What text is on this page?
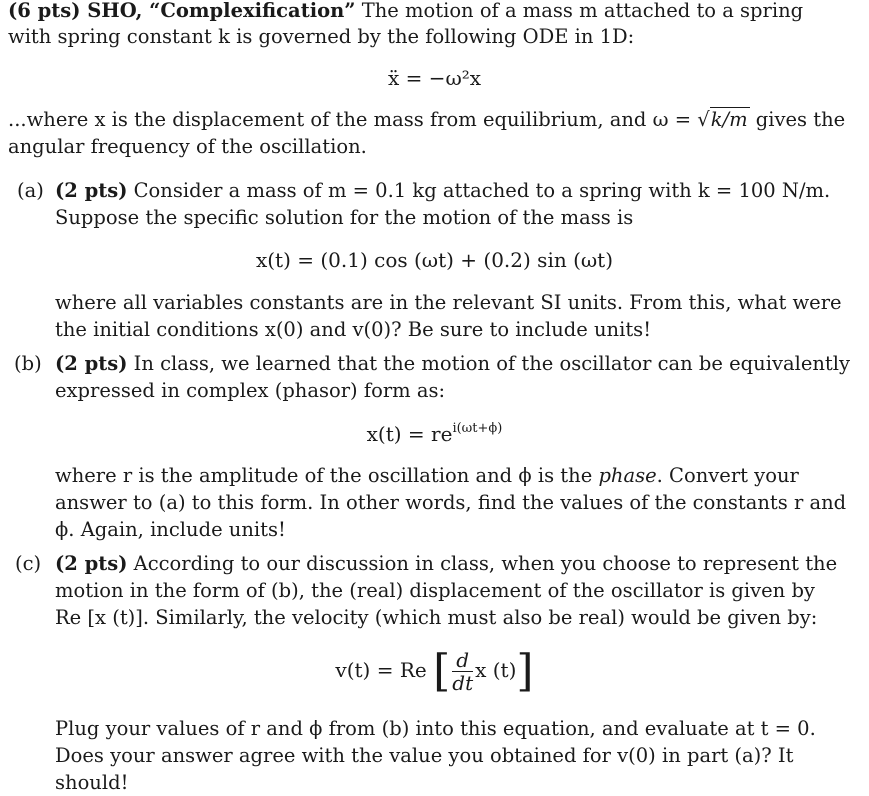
(6 pts) SHO, “Complexification” The motion of a mass m attached to a spring
with spring constant k is governed by the following ODE in 1D:
ẍ = −ω²x
...where x is the displacement of the mass from equilibrium, and ω = √k/m gives the
angular frequency of the oscillation.
(a) (2 pts) Consider a mass of m = 0.1 kg attached to a spring with k = 100 N/m.
Suppose the specific solution for the motion of the mass is
x(t) = (0.1) cos (ωt) + (0.2) sin (ωt)
where all variables constants are in the relevant SI units. From this, what were
the initial conditions x(0) and v(0)? Be sure to include units!
(b) (2 pts) In class, we learned that the motion of the oscillator can be equivalently
expressed in complex (phasor) form as:
$x(t) = re^{i(\omega t+\phi)}$
where r is the amplitude of the oscillation and ϕ is the phase. Convert your
answer to (a) to this form. In other words, find the values of the constants r and
ϕ. Again, include units!
(c) (2 pts) According to our discussion in class, when you choose to represent the
motion in the form of (b), the (real) displacement of the oscillator is given by
Re [x (t)]. Similarly, the velocity (which must also be real) would be given by:
v(t) = Re [ $\frac{d}{dt}$ x (t)]
Plug your values of r and ϕ from (b) into this equation, and evaluate at t = 0.
Does your answer agree with the value you obtained for v(0) in part (a)? It
should!
